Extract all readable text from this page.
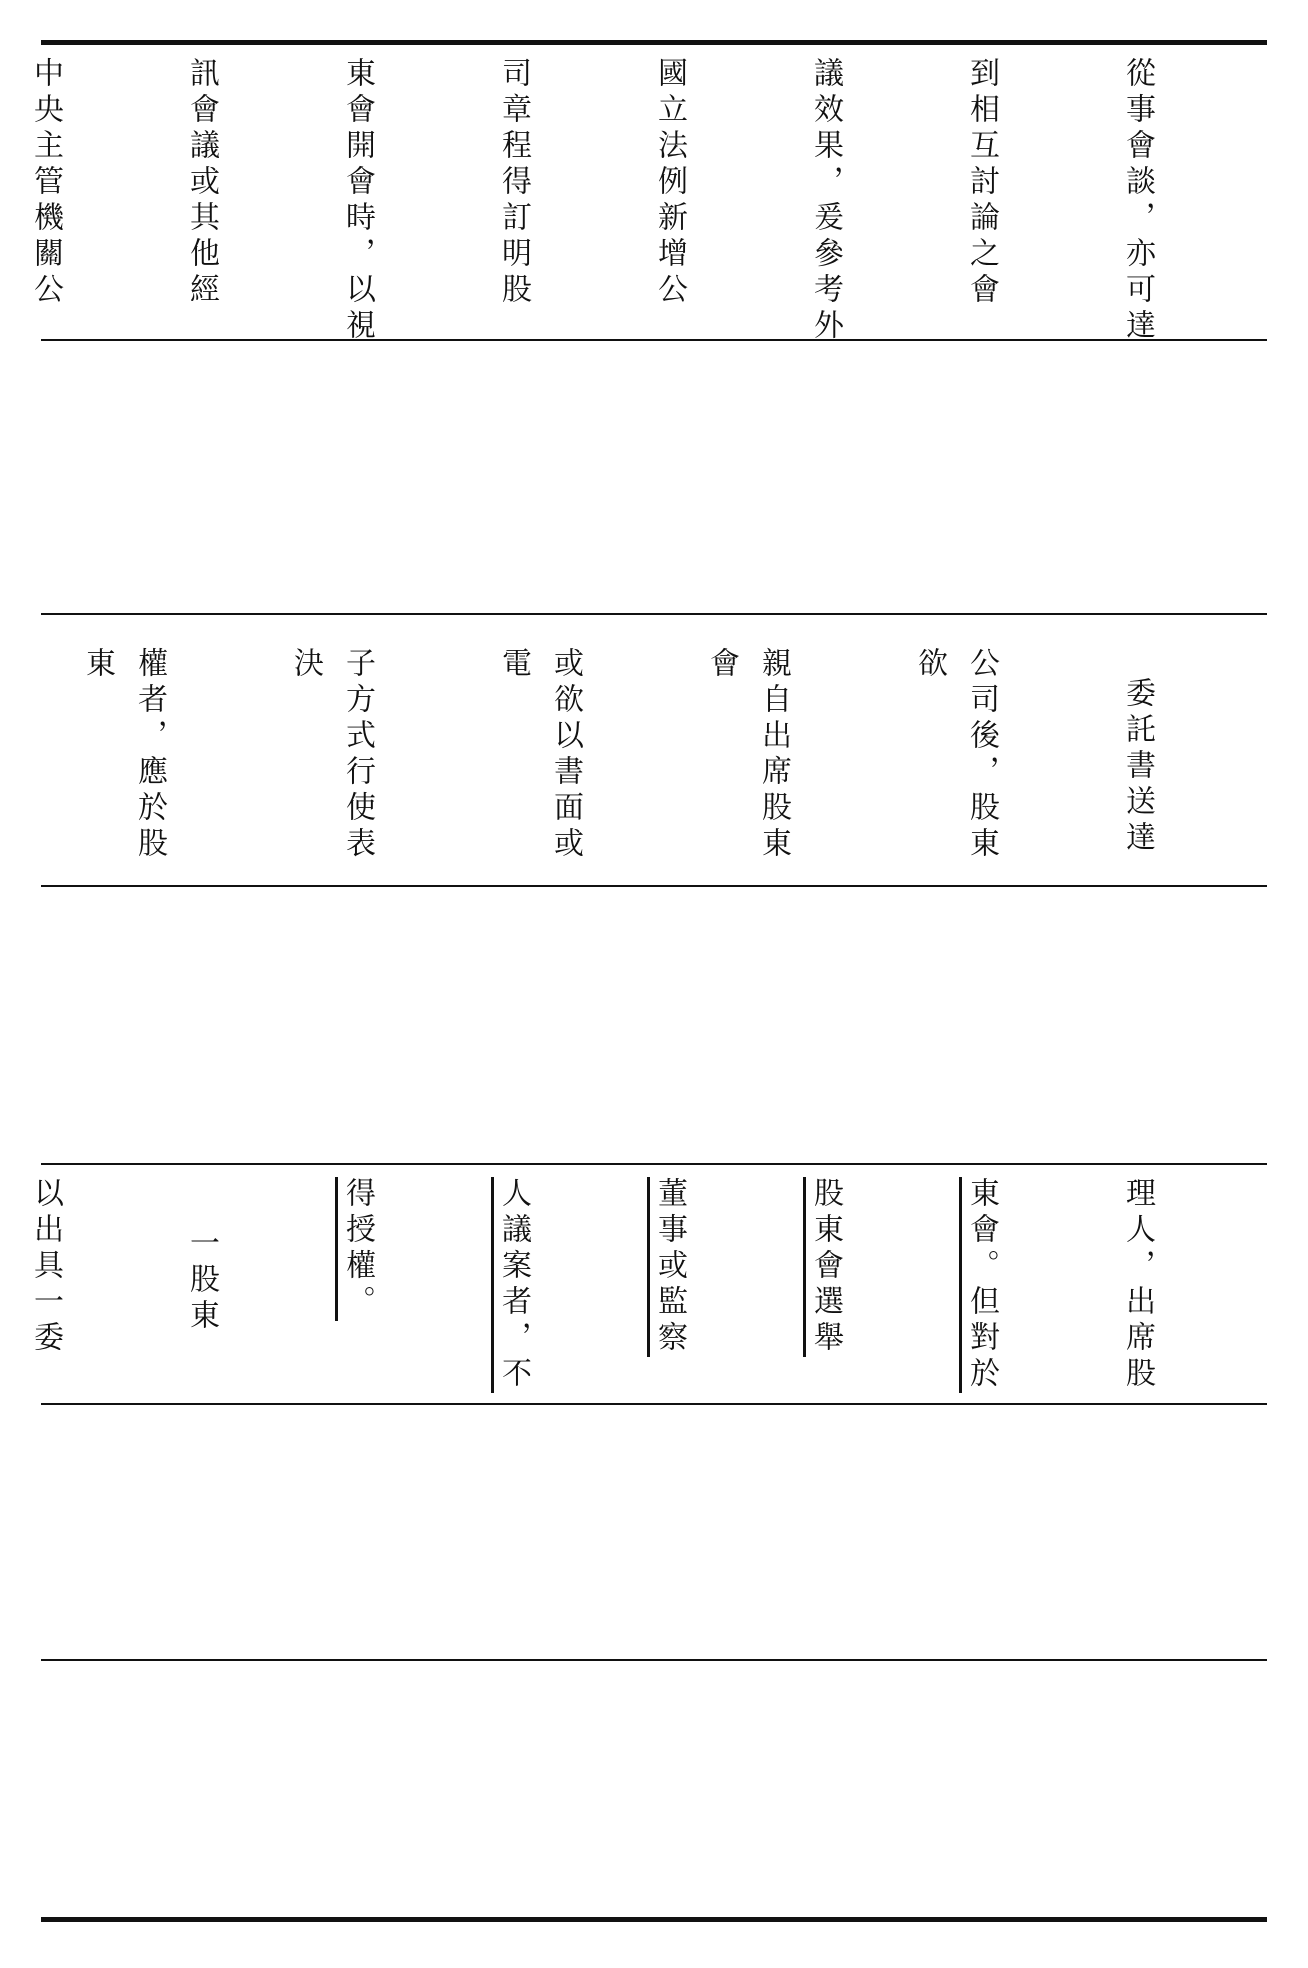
從事會談，亦可達

到相互討論之會

議效果，爰參考外

國立法例新增公

司章程得訂明股

東會開會時，以視

訊會議或其他經

中央主管機關公

委託書送達

公司後，股東欲

親自出席股東會

或欲以書面或電

子方式行使表決

權者，應於股東

理人，出席股

東會。但對於

股東會選舉

董事或監察

人議案者，不

得授權。

一股東

以出具一委
